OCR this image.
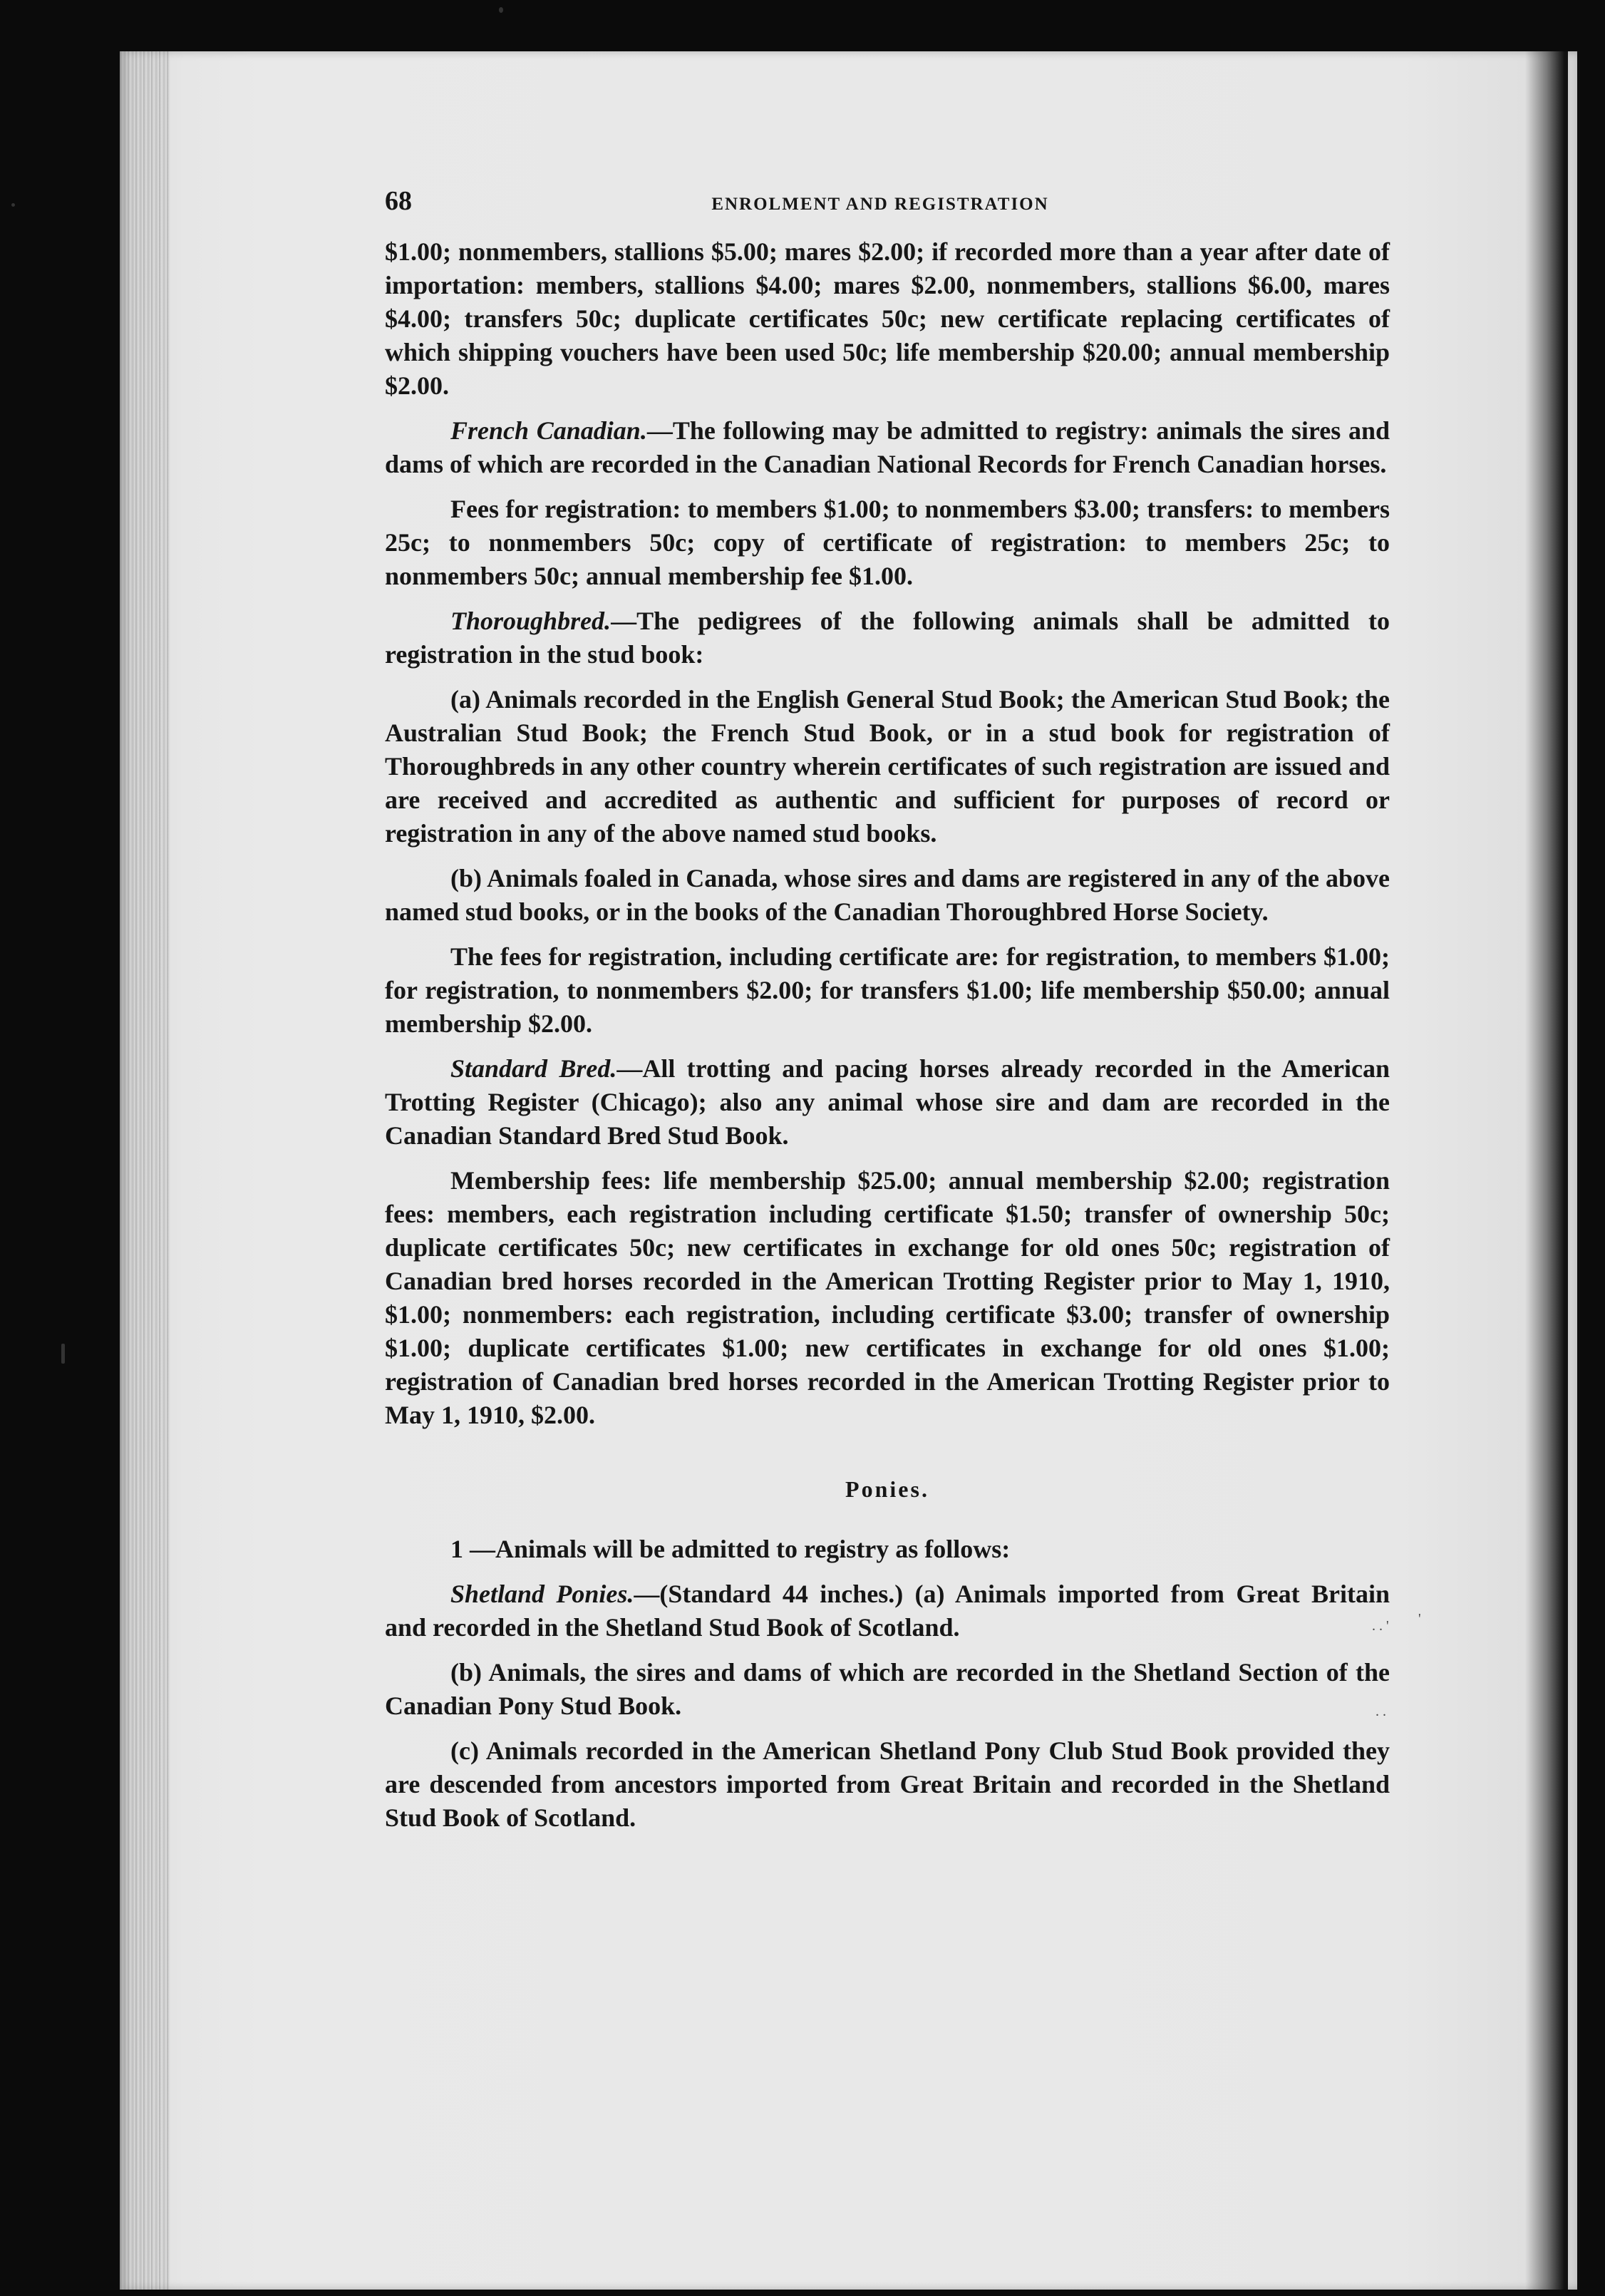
. . ' '
. .
68	ENROLMENT AND REGISTRATION

$1.00; nonmembers, stallions $5.00; mares $2.00; if recorded more than a year after date of importation: members, stallions $4.00; mares $2.00, nonmembers, stallions $6.00, mares $4.00; transfers 50c; duplicate certificates 50c; new certificate replacing certificates of which shipping vouchers have been used 50c; life membership $20.00; annual membership $2.00.

French Canadian.—The following may be admitted to registry: animals the sires and dams of which are recorded in the Canadian National Records for French Canadian horses.

Fees for registration: to members $1.00; to nonmembers $3.00; transfers: to members 25c; to nonmembers 50c; copy of certificate of registration: to members 25c; to nonmembers 50c; annual membership fee $1.00.

Thoroughbred.—The pedigrees of the following animals shall be admitted to registration in the stud book:

(a) Animals recorded in the English General Stud Book; the American Stud Book; the Australian Stud Book; the French Stud Book, or in a stud book for registration of Thoroughbreds in any other country wherein certificates of such registration are issued and are received and accredited as authentic and sufficient for purposes of record or registration in any of the above named stud books.

(b) Animals foaled in Canada, whose sires and dams are registered in any of the above named stud books, or in the books of the Canadian Thoroughbred Horse Society.

The fees for registration, including certificate are: for registration, to members $1.00; for registration, to nonmembers $2.00; for transfers $1.00; life membership $50.00; annual membership $2.00.

Standard Bred.—All trotting and pacing horses already recorded in the American Trotting Register (Chicago); also any animal whose sire and dam are recorded in the Canadian Standard Bred Stud Book.

Membership fees: life membership $25.00; annual membership $2.00; registration fees: members, each registration including certificate $1.50; transfer of ownership 50c; duplicate certificates 50c; new certificates in exchange for old ones 50c; registration of Canadian bred horses recorded in the American Trotting Register prior to May 1, 1910, $1.00; nonmembers: each registration, including certificate $3.00; transfer of ownership $1.00; duplicate certificates $1.00; new certificates in exchange for old ones $1.00; registration of Canadian bred horses recorded in the American Trotting Register prior to May 1, 1910, $2.00.

Ponies.

1 —Animals will be admitted to registry as follows:

Shetland Ponies.—(Standard 44 inches.) (a) Animals imported from Great Britain and recorded in the Shetland Stud Book of Scotland.

(b) Animals, the sires and dams of which are recorded in the Shetland Section of the Canadian Pony Stud Book.

(c) Animals recorded in the American Shetland Pony Club Stud Book provided they are descended from ancestors imported from Great Britain and recorded in the Shetland Stud Book of Scotland.
